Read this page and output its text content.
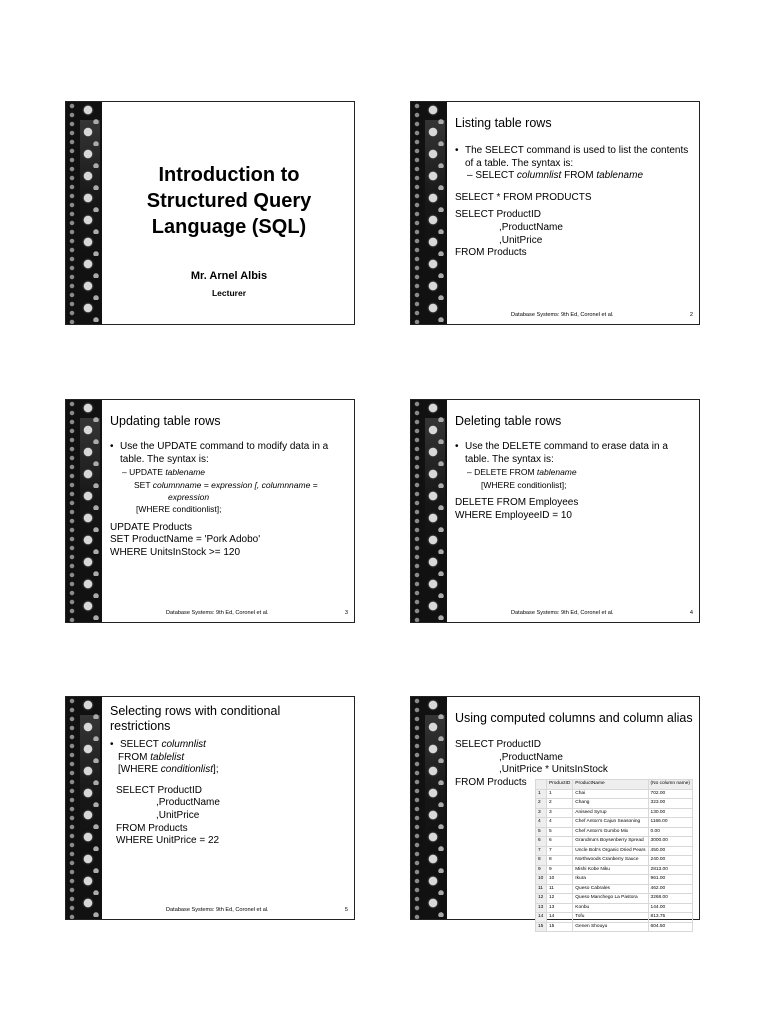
Introduction to
Structured Query
Language (SQL)
Mr. Arnel Albis
Lecturer
Listing table rows
• The SELECT command is used to list the contents
of a table. The syntax is:
– SELECT columnlist FROM tablename
SELECT * FROM PRODUCTS
SELECT ProductID
,ProductName
,UnitPrice
FROM Products
Database Systems: 9th Ed, Coronel et al.	2
Updating table rows
• Use the UPDATE command to modify data in a
table. The syntax is:
– UPDATE tablename
SET columnname = expression [, columnname =
expression
[WHERE conditionlist];
UPDATE Products
SET ProductName = 'Pork Adobo'
WHERE UnitsInStock >= 120
Database Systems: 9th Ed, Coronel et al.	3
Deleting table rows
• Use the DELETE command to erase data in a
table. The syntax is:
– DELETE FROM tablename
[WHERE conditionlist];
DELETE FROM Employees
WHERE EmployeeID = 10
Database Systems: 9th Ed, Coronel et al.	4
Selecting rows with conditional
restrictions
• SELECT columnlist
FROM tablelist
[WHERE conditionlist];
SELECT ProductID
,ProductName
,UnitPrice
FROM Products
WHERE UnitPrice = 22
Database Systems: 9th Ed, Coronel et al.	5
Using computed columns and column alias
SELECT ProductID
,ProductName
,UnitPrice * UnitsInStock
FROM Products
		ProductID	ProductName	(No column name)
1	1	Chai	702.00
2	2	Chang	323.00
3	3	Aniseed Syrup	130.00
4	4	Chef Anton's Cajun Seasoning	1166.00
5	5	Chef Anton's Gumbo Mix	0.00
6	6	Grandma's Boysenberry Spread	3000.00
7	7	Uncle Bob's Organic Dried Pears	450.00
8	8	Northwoods Cranberry Sauce	240.00
9	9	Mishi Kobe Niku	2813.00
10	10	Ikura	961.00
11	11	Queso Cabrales	462.00
12	12	Queso Manchego La Pastora	3268.00
13	13	Konbu	144.00
14	14	Tofu	813.75
15	15	Genen Shouyu	604.50
